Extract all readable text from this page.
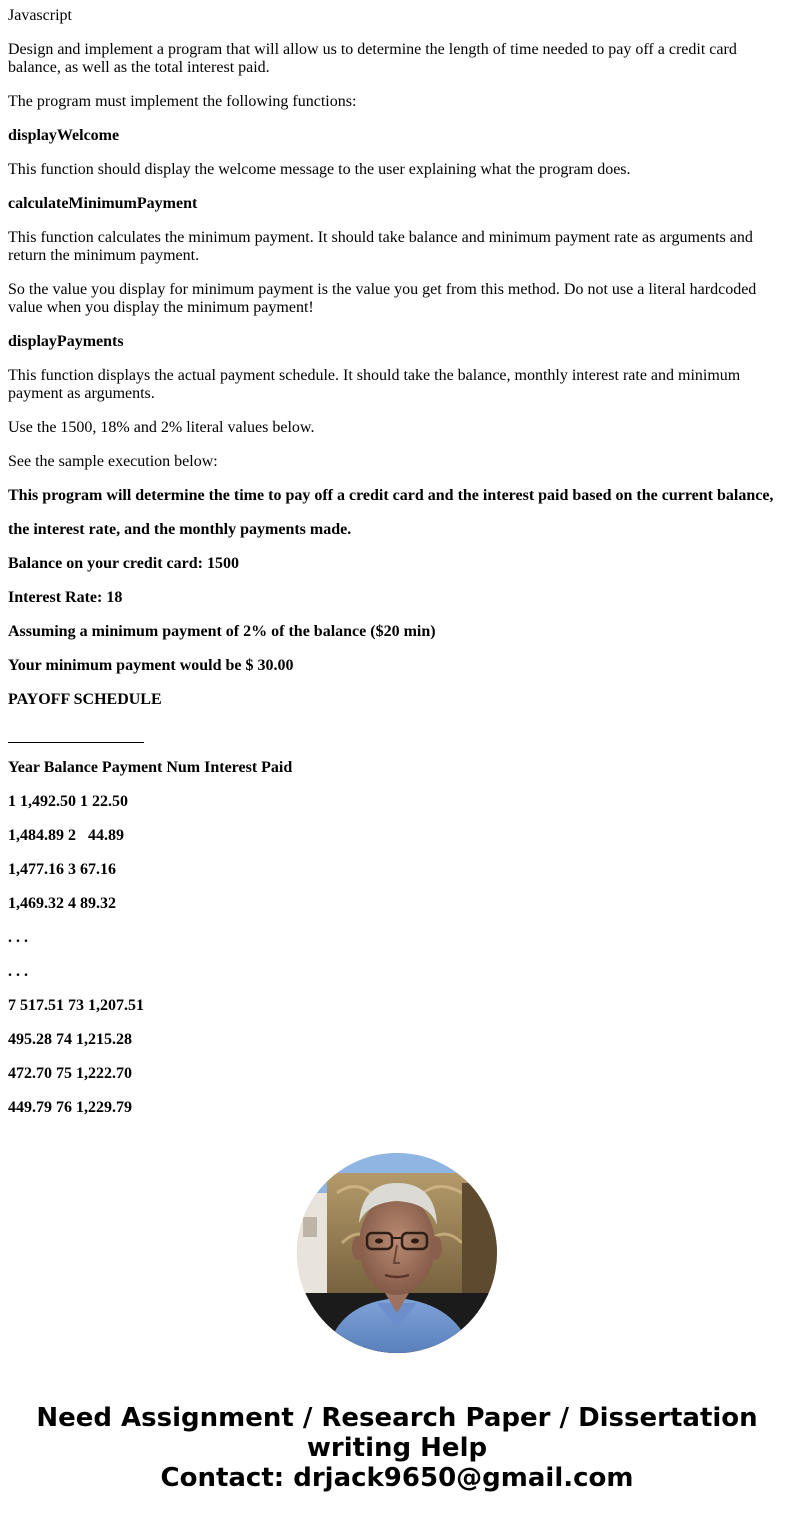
Javascript

Design and implement a program that will allow us to determine the length of time needed to pay off a credit card balance, as well as the total interest paid.

The program must implement the following functions:

displayWelcome

This function should display the welcome message to the user explaining what the program does.

calculateMinimumPayment

This function calculates the minimum payment. It should take balance and minimum payment rate as arguments and return the minimum payment.

So the value you display for minimum payment is the value you get from this method. Do not use a literal hardcoded value when you display the minimum payment!

displayPayments

This function displays the actual payment schedule. It should take the balance, monthly interest rate and minimum payment as arguments.

Use the 1500, 18% and 2% literal values below.

See the sample execution below:

This program will determine the time to pay off a credit card and the interest paid based on the current balance,

the interest rate, and the monthly payments made.

Balance on your credit card: 1500

Interest Rate: 18

Assuming a minimum payment of 2% of the balance ($20 min)

Your minimum payment would be $ 30.00

PAYOFF SCHEDULE

Year Balance Payment Num Interest Paid

1 1,492.50 1 22.50

1,484.89 2   44.89

1,477.16 3 67.16

1,469.32 4 89.32

. . .

. . .

7 517.51 73 1,207.51

495.28 74 1,215.28

472.70 75 1,222.70

449.79 76 1,229.79

Need Assignment / Research Paper / Dissertation
writing Help
Contact: drjack9650@gmail.com
